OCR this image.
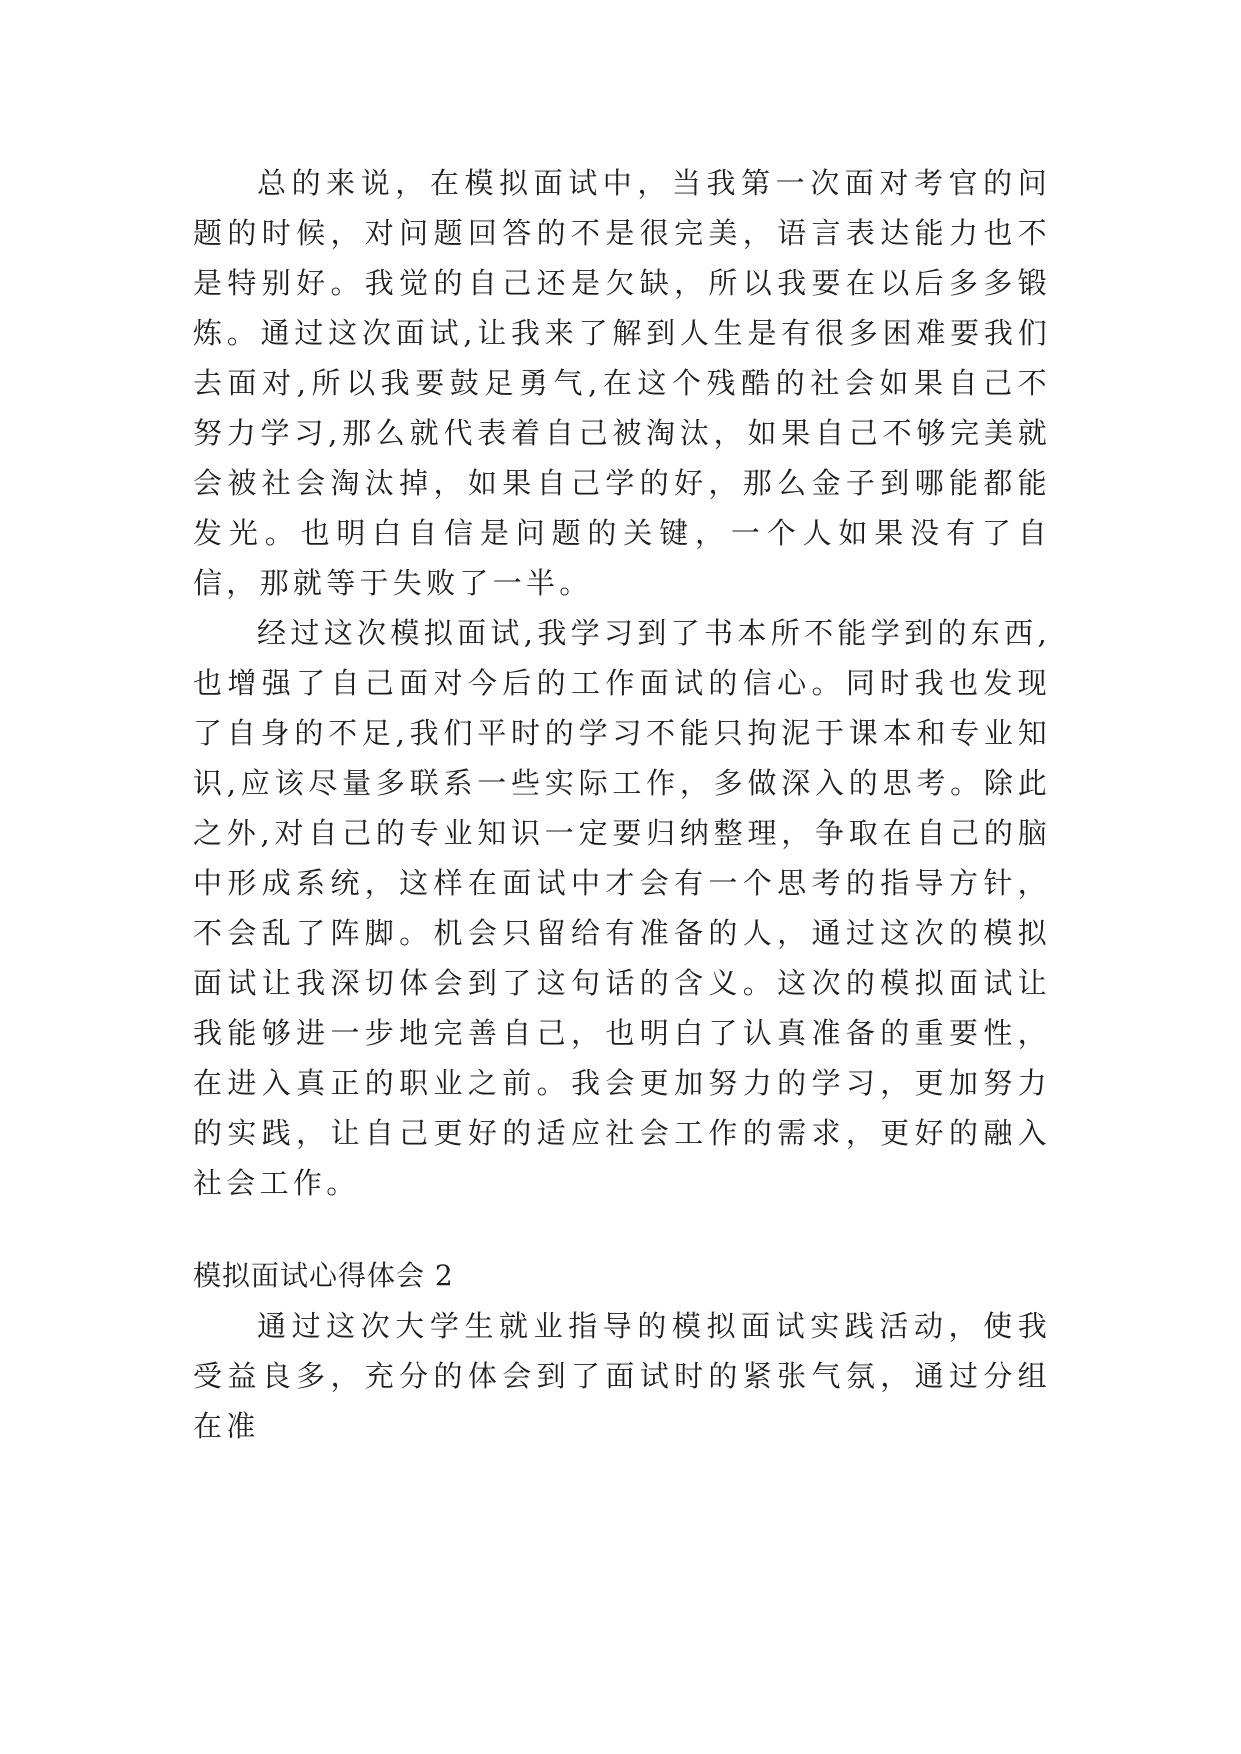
总的来说，在模拟面试中，当我第一次面对考官的问题的时候，对问题回答的不是很完美，语言表达能力也不是特别好。我觉的自己还是欠缺，所以我要在以后多多锻炼。通过这次面试,让我来了解到人生是有很多困难要我们去面对,所以我要鼓足勇气,在这个残酷的社会如果自己不努力学习,那么就代表着自己被淘汰，如果自己不够完美就会被社会淘汰掉，如果自己学的好，那么金子到哪能都能发光。也明白自信是问题的关键，一个人如果没有了自信，那就等于失败了一半。

经过这次模拟面试,我学习到了书本所不能学到的东西,也增强了自己面对今后的工作面试的信心。同时我也发现了自身的不足,我们平时的学习不能只拘泥于课本和专业知识,应该尽量多联系一些实际工作，多做深入的思考。除此之外,对自己的专业知识一定要归纳整理，争取在自己的脑中形成系统，这样在面试中才会有一个思考的指导方针，不会乱了阵脚。机会只留给有准备的人，通过这次的模拟面试让我深切体会到了这句话的含义。这次的模拟面试让我能够进一步地完善自己，也明白了认真准备的重要性，在进入真正的职业之前。我会更加努力的学习，更加努力的实践，让自己更好的适应社会工作的需求，更好的融入社会工作。

模拟面试心得体会 2

通过这次大学生就业指导的模拟面试实践活动，使我受益良多，充分的体会到了面试时的紧张气氛，通过分组在准
